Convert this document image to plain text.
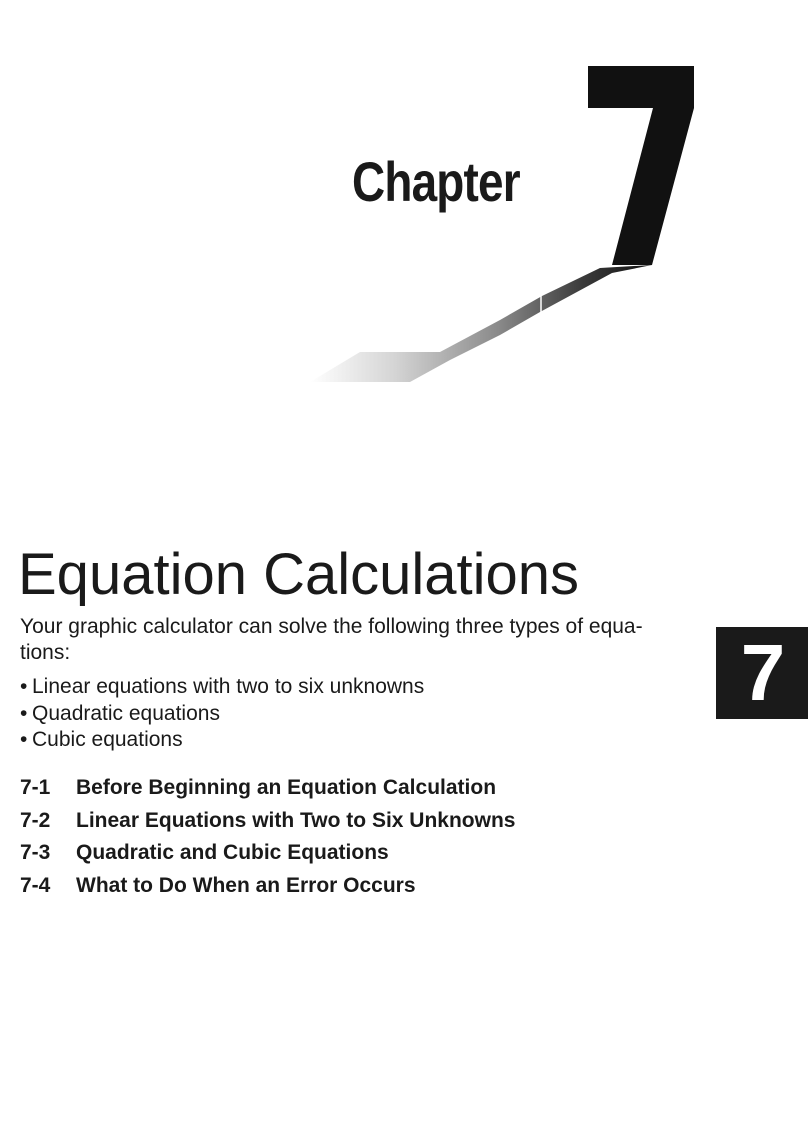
Chapter
Equation Calculations

Your graphic calculator can solve the following three types of equa-tions:

• Linear equations with two to six unknowns
• Quadratic equations
• Cubic equations
7-1 Before Beginning an Equation Calculation
7-2 Linear Equations with Two to Six Unknowns
7-3 Quadratic and Cubic Equations
7-4 What to Do When an Error Occurs
7
